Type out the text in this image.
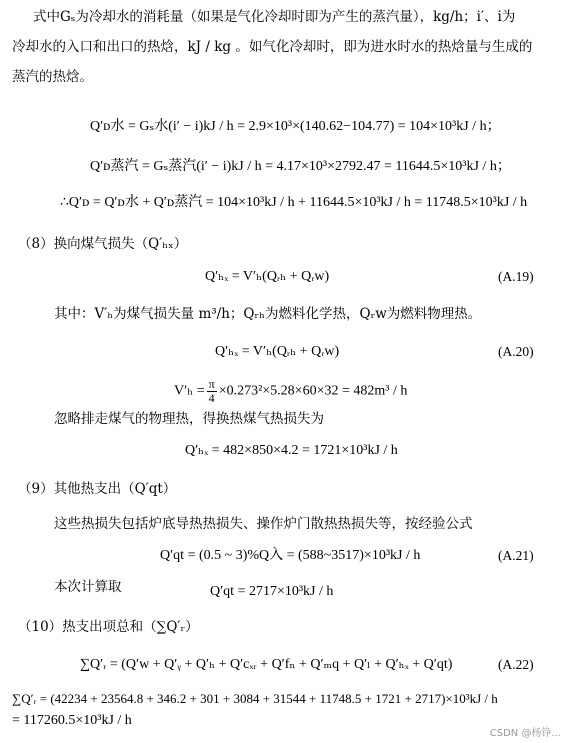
式中Gₛ为冷却水的消耗量（如果是气化冷却时即为产生的蒸汽量），kg/h；i′、i为
冷却水的入口和出口的热焓，kJ / kg 。如气化冷却时，即为进水时水的热焓量与生成的
蒸汽的热焓。
Q′ᴅ水 = Gₛ水(i′ − i)kJ / h = 2.9×10³×(140.62−104.77) = 104×10³kJ / h；
Q′ᴅ蒸汽 = Gₛ蒸汽(i′ − i)kJ / h = 4.17×10³×2792.47 = 11644.5×10³kJ / h；
∴Q′ᴅ = Q′ᴅ水 + Q′ᴅ蒸汽 = 104×10³kJ / h + 11644.5×10³kJ / h = 11748.5×10³kJ / h
（8）换向煤气损失（Q′ₕₓ）
Q′ₕₓ = V′ₕ(Qᵣₕ + Qᵣw)	(A.19)
其中：V′ₕ为煤气损失量 m³/h；Qᵣₕ为燃料化学热，Qᵣw为燃料物理热。
Q′ₕₓ = V′ₕ(Qᵣₕ + Qᵣw)	(A.20)
$V'_h = \frac{\pi}{4} \times 0.273^2\times 5.28\times 60\times 32 = 482m^3 / h$
忽略排走煤气的物理热，得换热煤气热损失为
Q′ₕₓ = 482×850×4.2 = 1721×10³kJ / h
（9）其他热支出（Q′qt）
这些热损失包括炉底导热热损失、操作炉门散热热损失等，按经验公式
Q′qt = (0.5 ~ 3)%Q入 = (588~3517)×10³kJ / h	(A.21)
本次计算取	Q′qt = 2717×10³kJ / h
（10）热支出项总和（∑Q′ᵣ）
∑Q′ᵣ = (Q′w + Q′ᵧ + Q′ₕ + Q′cₓᵣ + Q′fₙ + Q′ₘq + Q′ₗ + Q′ₕₓ + Q′qt)	(A.22)
∑Q′ᵣ = (42234 + 23564.8 + 346.2 + 301 + 3084 + 31544 + 11748.5 + 1721 + 2717)×10³kJ / h
= 117260.5×10³kJ / h
CSDN @杨铮...
